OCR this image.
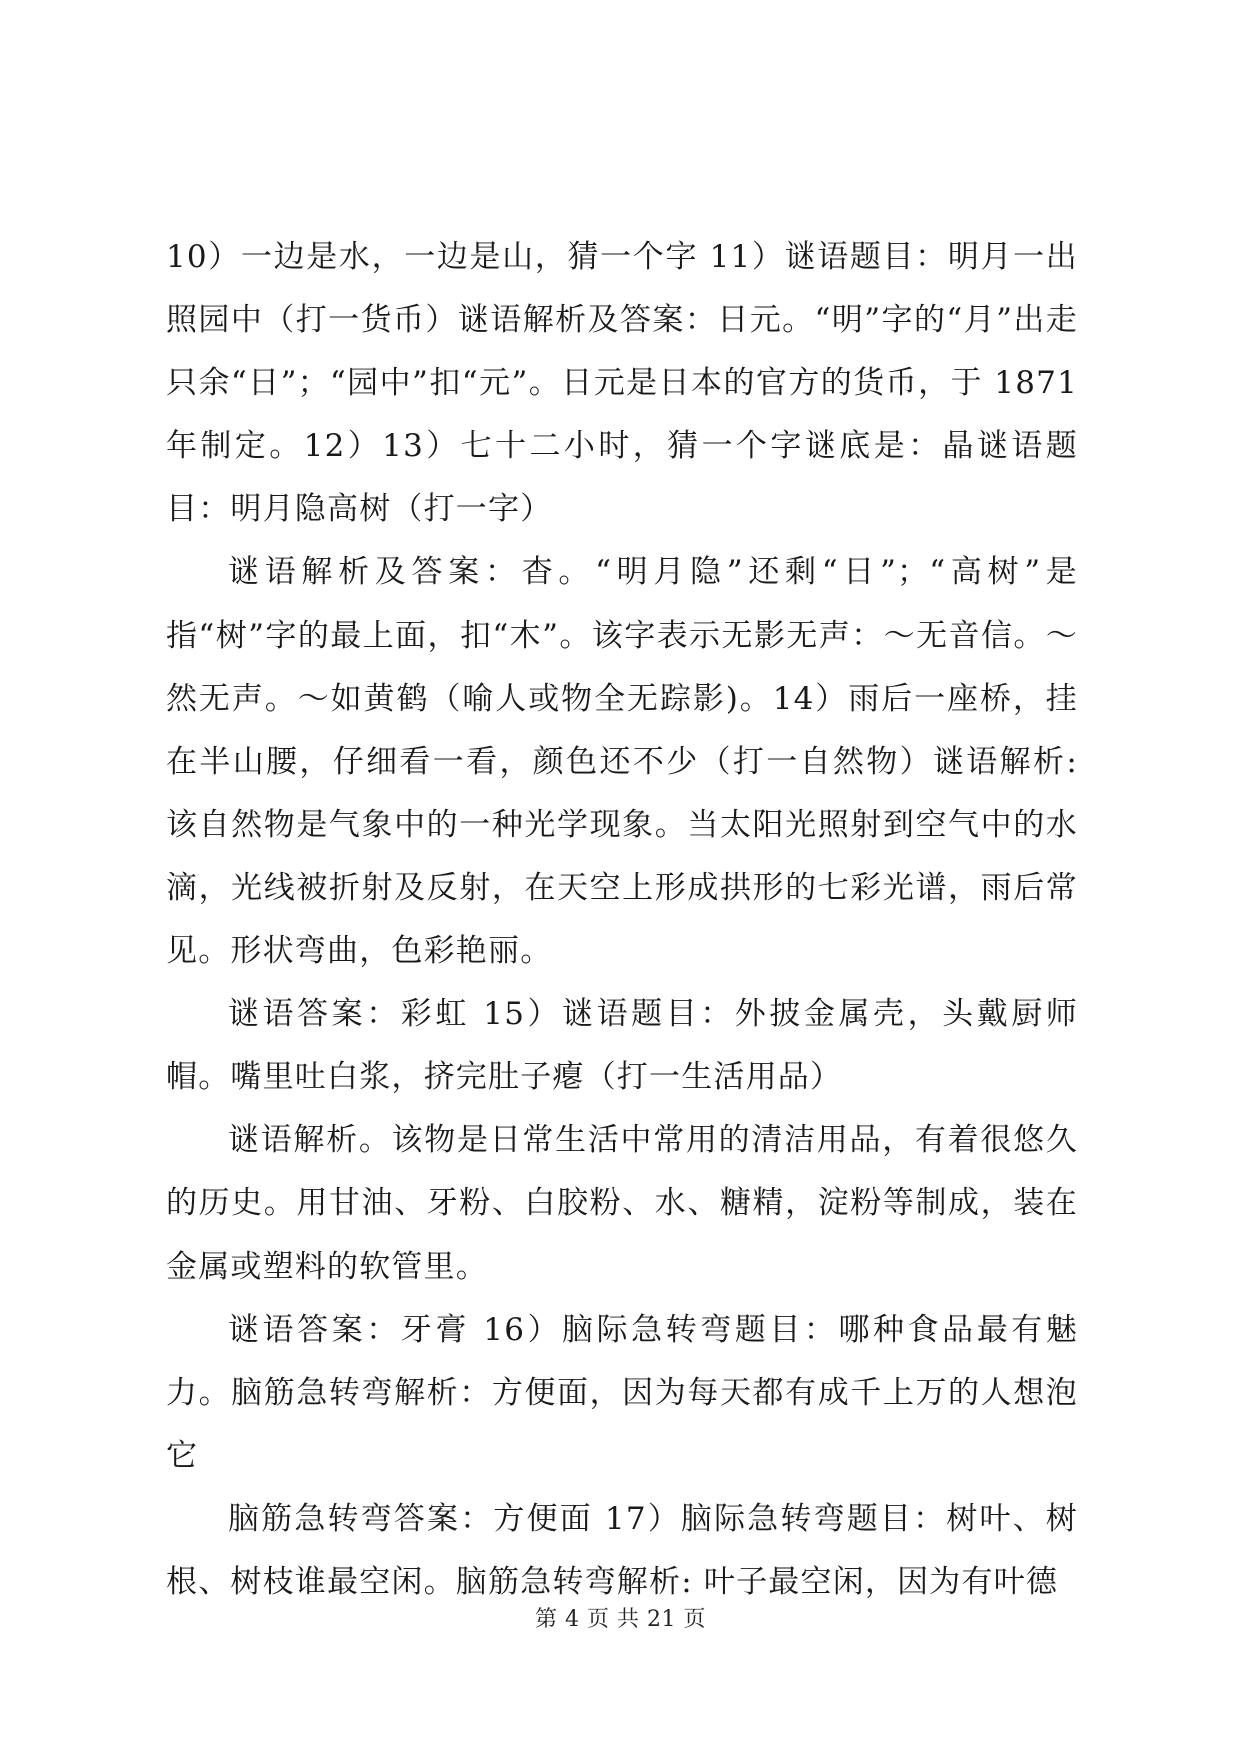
10）一边是水，一边是山，猜一个字 11）谜语题目：明月一出照园中（打一货币）谜语解析及答案：日元。“明”字的“月”出走只余“日”；“园中”扣“元”。日元是日本的官方的货币，于 1871 年制定。12）13）七十二小时，猜一个字谜底是：晶谜语题目：明月隐高树（打一字）

谜语解析及答案：杳。“明月隐”还剩“日”；“高树”是指“树”字的最上面，扣“木”。该字表示无影无声：～无音信。～然无声。～如黄鹤（喻人或物全无踪影)。14）雨后一座桥，挂在半山腰，仔细看一看，颜色还不少（打一自然物）谜语解析: 该自然物是气象中的一种光学现象。当太阳光照射到空气中的水滴，光线被折射及反射，在天空上形成拱形的七彩光谱，雨后常见。形状弯曲，色彩艳丽。

谜语答案：彩虹 15）谜语题目：外披金属壳，头戴厨师帽。嘴里吐白浆，挤完肚子瘪（打一生活用品）

谜语解析。该物是日常生活中常用的清洁用品，有着很悠久的历史。用甘油、牙粉、白胶粉、水、糖精，淀粉等制成，装在金属或塑料的软管里。

谜语答案：牙膏 16）脑际急转弯题目：哪种食品最有魅力。脑筋急转弯解析：方便面，因为每天都有成千上万的人想泡它

脑筋急转弯答案：方便面 17）脑际急转弯题目：树叶、树根、树枝谁最空闲。脑筋急转弯解析: 叶子最空闲，因为有叶德

第 4 页 共 21 页
